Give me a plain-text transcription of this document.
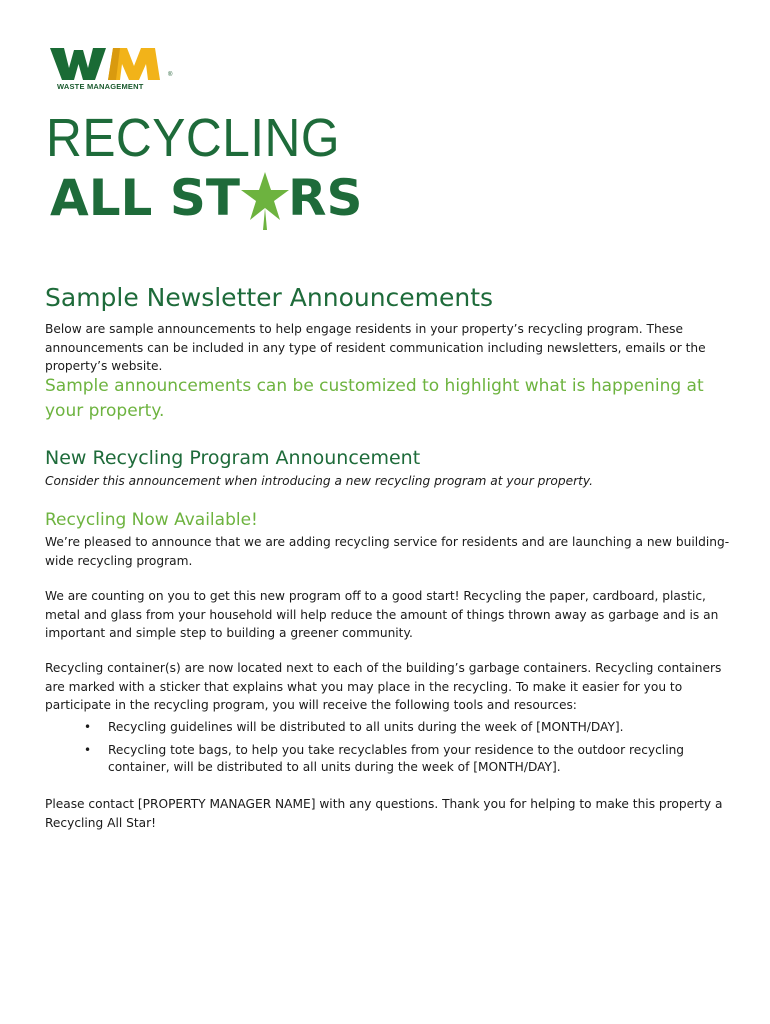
®
WASTE MANAGEMENT
RECYCLING
ALL ST RS
Sample Newsletter Announcements
Below are sample announcements to help engage residents in your property’s recycling program. These announcements can be included in any type of resident communication including newsletters, emails or the property’s website.
Sample announcements can be customized to highlight what is happening at your property.
New Recycling Program Announcement
Consider this announcement when introducing a new recycling program at your property.
Recycling Now Available!
We’re pleased to announce that we are adding recycling service for residents and are launching a new building-wide recycling program.
We are counting on you to get this new program off to a good start! Recycling the paper, cardboard, plastic, metal and glass from your household will help reduce the amount of things thrown away as garbage and is an important and simple step to building a greener community.
Recycling container(s) are now located next to each of the building’s garbage containers. Recycling containers are marked with a sticker that explains what you may place in the recycling. To make it easier for you to participate in the recycling program, you will receive the following tools and resources:
• Recycling guidelines will be distributed to all units during the week of [MONTH/DAY].
• Recycling tote bags, to help you take recyclables from your residence to the outdoor recycling container, will be distributed to all units during the week of [MONTH/DAY].
Please contact [PROPERTY MANAGER NAME] with any questions. Thank you for helping to make this property a Recycling All Star!
